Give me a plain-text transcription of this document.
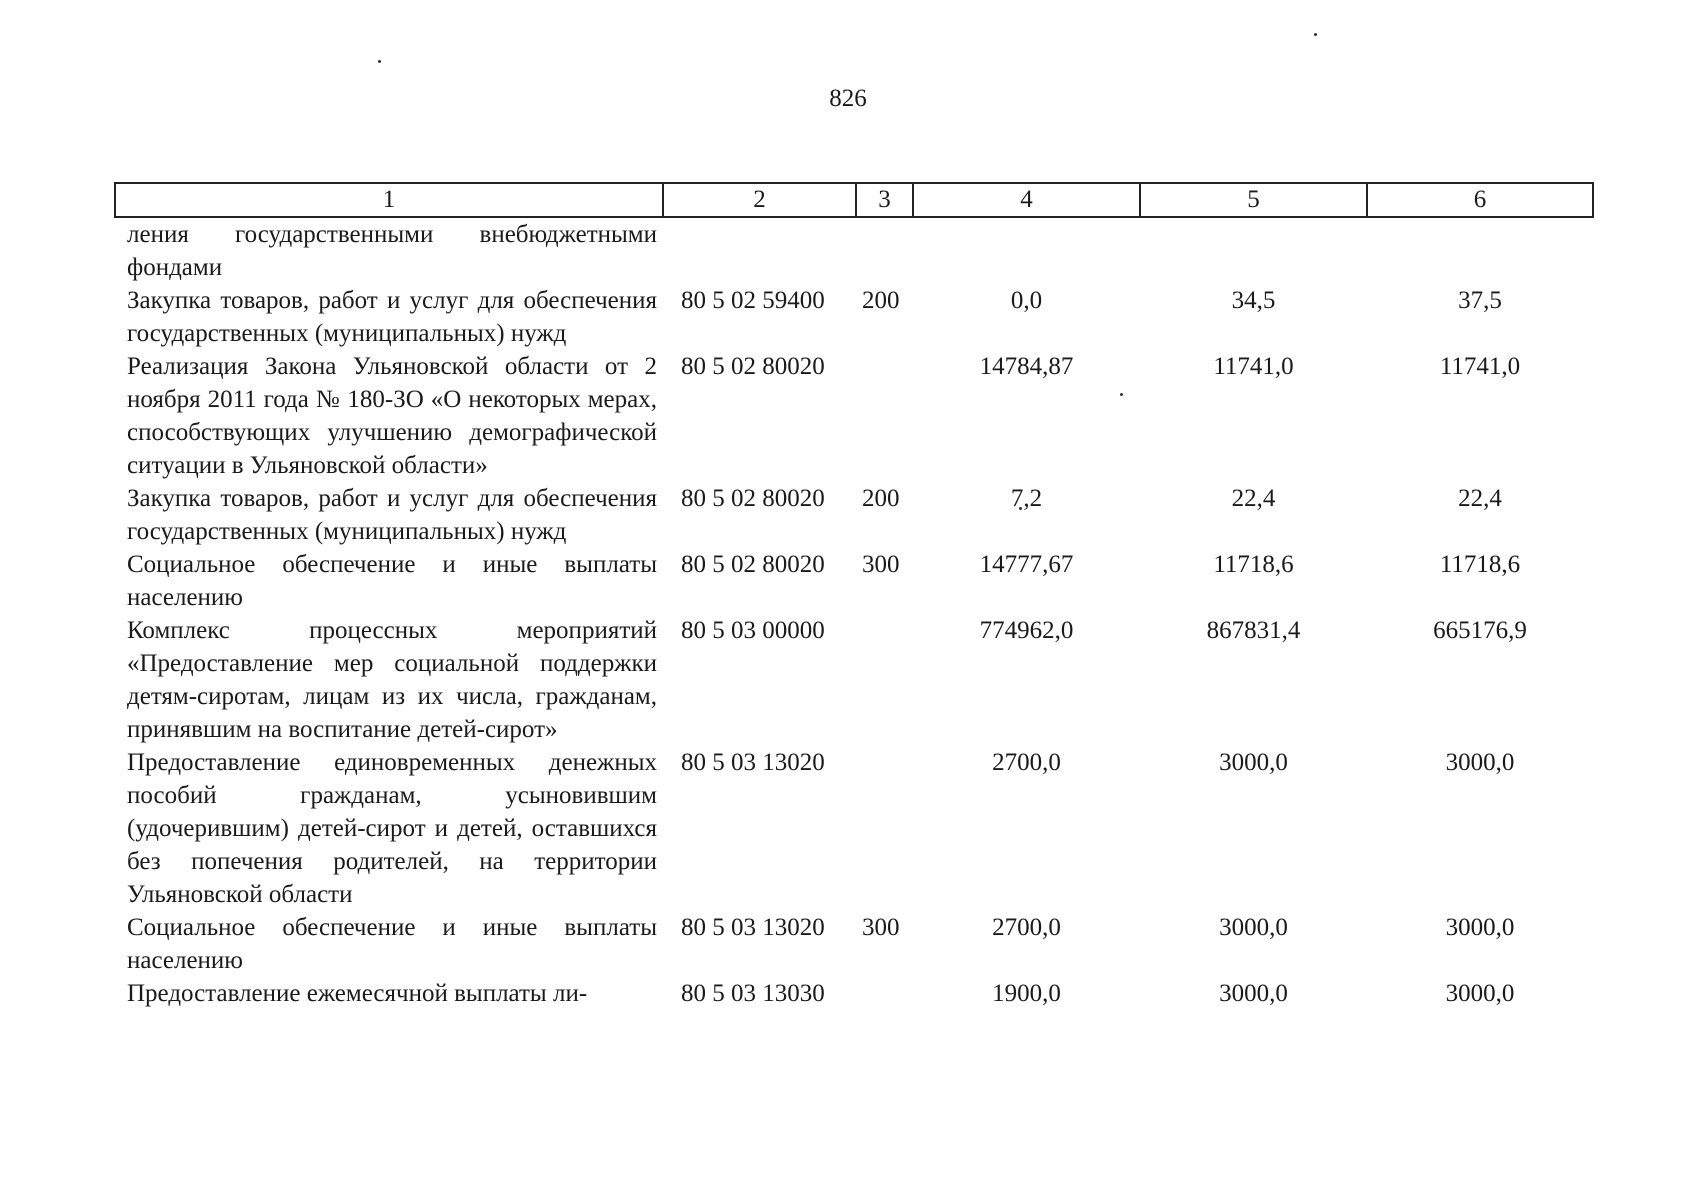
826
1	2	3	4	5	6
ления государственными внебюджетными фондами					
Закупка товаров, работ и услуг для обеспечения государственных (муниципальных) нужд	80 5 02 59400	200	0,0	34,5	37,5
Реализация Закона Ульяновской области от 2 ноября 2011 года № 180-ЗО «О некоторых мерах, способствующих улучшению демографической ситуации в Ульяновской области»	80 5 02 80020		14784,87	11741,0	11741,0
Закупка товаров, работ и услуг для обеспечения государственных (муниципальных) нужд	80 5 02 80020	200	7,2	22,4	22,4
Социальное обеспечение и иные выплаты населению	80 5 02 80020	300	14777,67	11718,6	11718,6
Комплекс процессных мероприятий «Предоставление мер социальной поддержки детям-сиротам, лицам из их числа, гражданам, принявшим на воспитание детей-сирот»	80 5 03 00000		774962,0	867831,4	665176,9
Предоставление единовременных денежных пособий гражданам, усыновившим (удочерившим) детей-сирот и детей, оставшихся без попечения родителей, на территории Ульяновской области	80 5 03 13020		2700,0	3000,0	3000,0
Социальное обеспечение и иные выплаты населению	80 5 03 13020	300	2700,0	3000,0	3000,0
Предоставление ежемесячной выплаты ли-	80 5 03 13030		1900,0	3000,0	3000,0
